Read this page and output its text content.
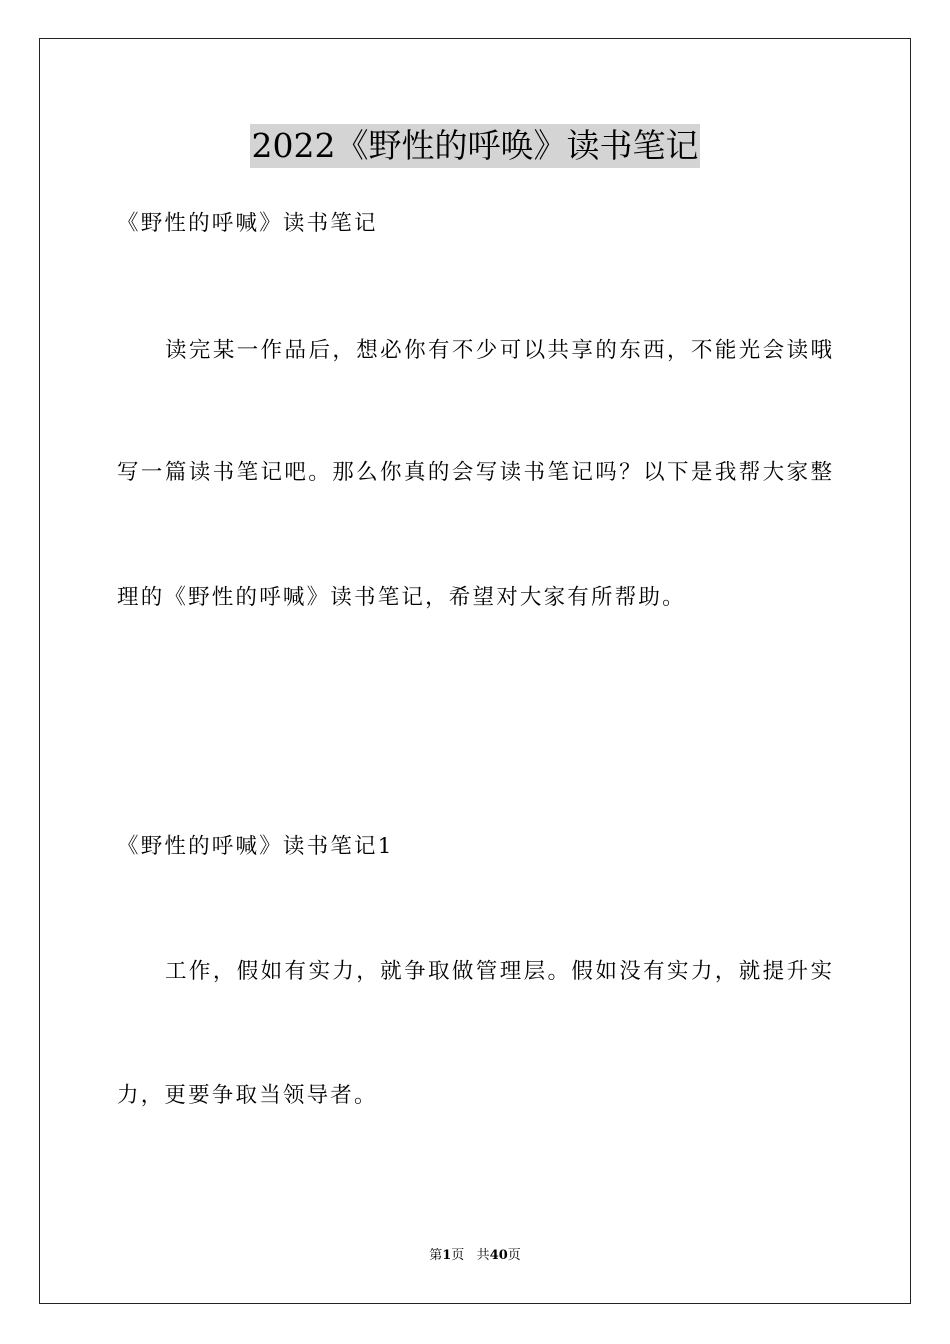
2022《野性的呼唤》读书笔记
《野性的呼喊》读书笔记
读完某一作品后，想必你有不少可以共享的东西，不能光会读哦
写一篇读书笔记吧。那么你真的会写读书笔记吗？以下是我帮大家整
理的《野性的呼喊》读书笔记，希望对大家有所帮助。
《野性的呼喊》读书笔记1
工作，假如有实力，就争取做管理层。假如没有实力，就提升实
力，更要争取当领导者。
第1页 共40页
